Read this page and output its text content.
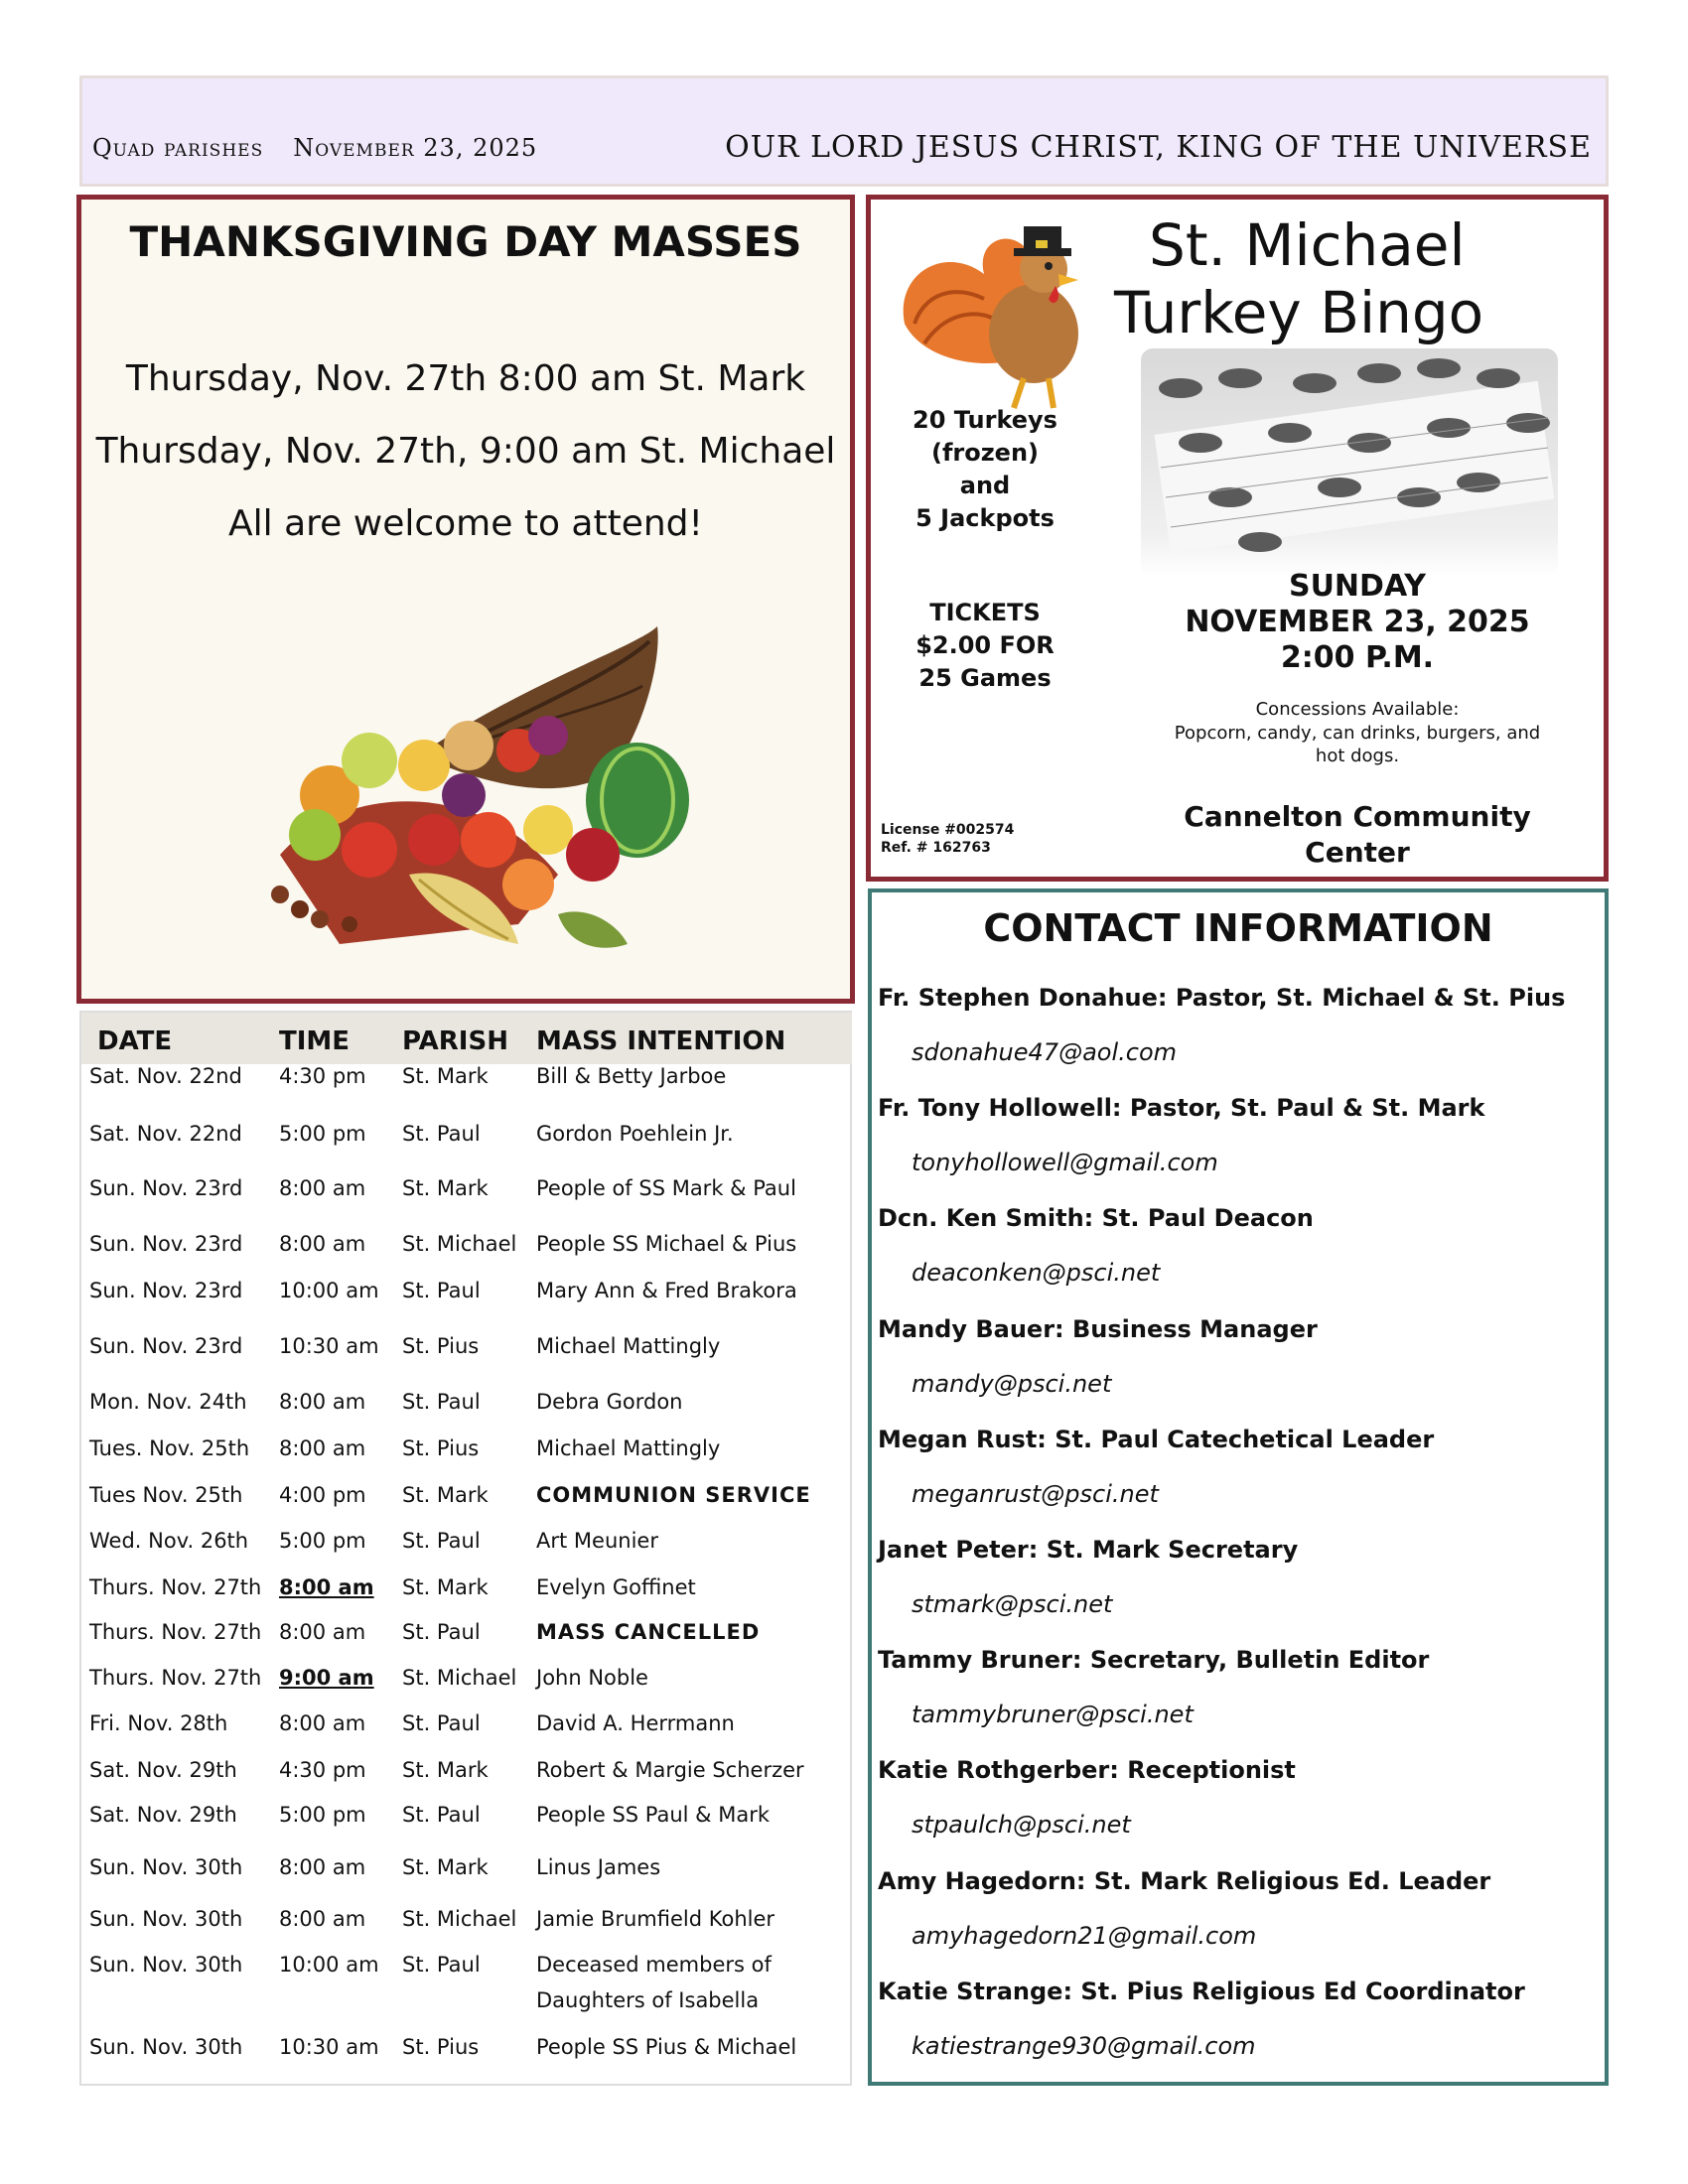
Quad parishes November 23, 2025	OUR LORD JESUS CHRIST, KING OF THE UNIVERSE
THANKSGIVING DAY MASSES
Thursday, Nov. 27th 8:00 am St. Mark
Thursday, Nov. 27th, 9:00 am St. Michael
All are welcome to attend!
St. Michael
Turkey Bingo
20 Turkeys
(frozen)
and
5 Jackpots
TICKETS
$2.00 FOR
25 Games
SUNDAY
NOVEMBER 23, 2025
2:00 P.M.
Concessions Available:
Popcorn, candy, can drinks, burgers, and
hot dogs.
Cannelton Community
Center
License #002574
Ref. # 162763
DATE	TIME PARISH MASS INTENTION
Sat. Nov. 22nd 4:30 pm St. Mark Bill & Betty Jarboe
Sat. Nov. 22nd 5:00 pm St. Paul	Gordon Poehlein Jr.
Sun. Nov. 23rd 8:00 am St. Mark People of SS Mark & Paul
Sun. Nov. 23rd 8:00 am St. Michael People SS Michael & Pius
Sun. Nov. 23rd 10:00 am St. Paul	Mary Ann & Fred Brakora
Sun. Nov. 23rd 10:30 am St. Pius	Michael Mattingly
Mon. Nov. 24th 8:00 am St. Paul	Debra Gordon
Tues. Nov. 25th 8:00 am St. Pius	Michael Mattingly
Tues Nov. 25th 4:00 pm St. Mark COMMUNION SERVICE
Wed. Nov. 26th 5:00 pm St. Paul	Art Meunier
Thurs. Nov. 27th 8:00 am St. Mark Evelyn Goffinet
Thurs. Nov. 27th 8:00 am St. Paul	MASS CANCELLED
Thurs. Nov. 27th 9:00 am St. Michael John Noble
Fri. Nov. 28th 8:00 am St. Paul	David A. Herrmann
Sat. Nov. 29th 4:30 pm St. Mark Robert & Margie Scherzer
Sat. Nov. 29th 5:00 pm St. Paul	People SS Paul & Mark
Sun. Nov. 30th 8:00 am St. Mark Linus James
Sun. Nov. 30th 8:00 am St. Michael Jamie Brumfield Kohler
Sun. Nov. 30th 10:00 am St. Paul	Deceased members of
Daughters of Isabella
Sun. Nov. 30th 10:30 am St. Pius	People SS Pius & Michael
CONTACT INFORMATION
Fr. Stephen Donahue: Pastor, St. Michael & St. Pius
sdonahue47@aol.com
Fr. Tony Hollowell: Pastor, St. Paul & St. Mark
tonyhollowell@gmail.com
Dcn. Ken Smith: St. Paul Deacon
deaconken@psci.net
Mandy Bauer: Business Manager
mandy@psci.net
Megan Rust: St. Paul Catechetical Leader
meganrust@psci.net
Janet Peter: St. Mark Secretary
stmark@psci.net
Tammy Bruner: Secretary, Bulletin Editor
tammybruner@psci.net
Katie Rothgerber: Receptionist
stpaulch@psci.net
Amy Hagedorn: St. Mark Religious Ed. Leader
amyhagedorn21@gmail.com
Katie Strange: St. Pius Religious Ed Coordinator
katiestrange930@gmail.com
